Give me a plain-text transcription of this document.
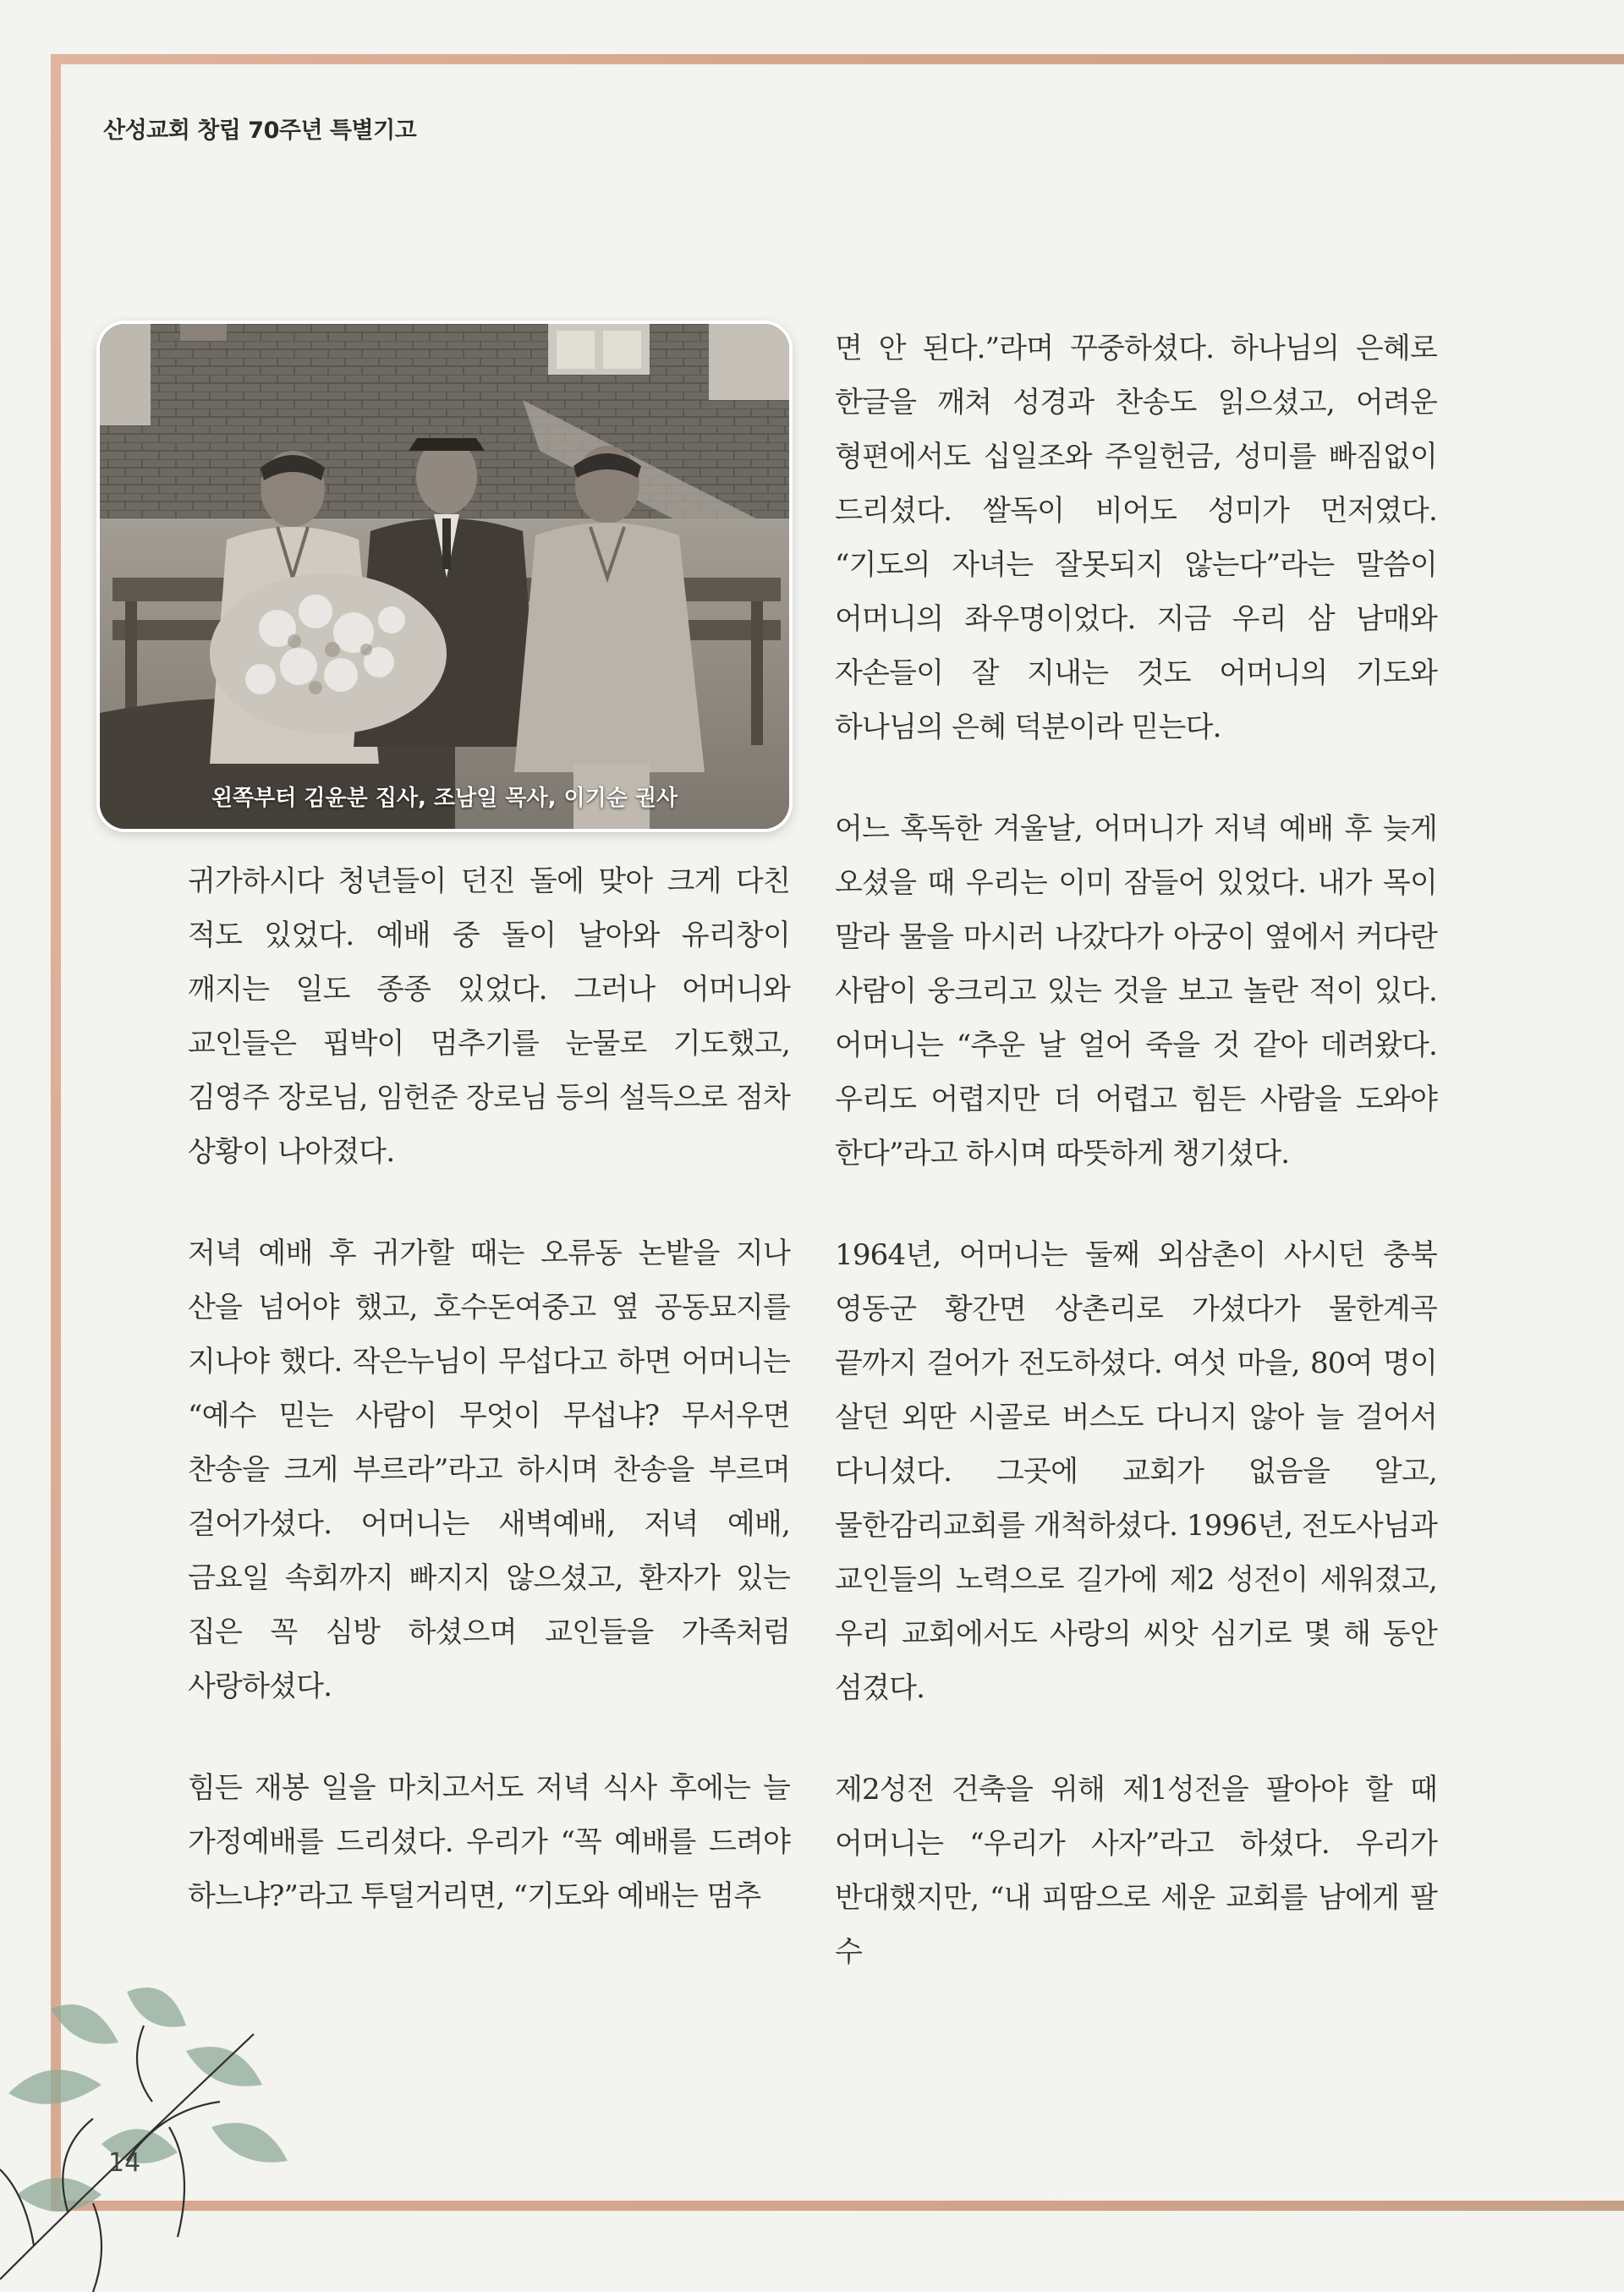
산성교회 창립 70주년 특별기고
왼쪽부터 김윤분 집사, 조남일 목사, 이기순 권사

귀가하시다 청년들이 던진 돌에 맞아 크게 다친 적도 있었다. 예배 중 돌이 날아와 유리창이 깨지는 일도 종종 있었다. 그러나 어머니와 교인들은 핍박이 멈추기를 눈물로 기도했고, 김영주 장로님, 임헌준 장로님 등의 설득으로 점차 상황이 나아졌다.

저녁 예배 후 귀가할 때는 오류동 논밭을 지나 산을 넘어야 했고, 호수돈여중고 옆 공동묘지를 지나야 했다. 작은누님이 무섭다고 하면 어머니는 “예수 믿는 사람이 무엇이 무섭냐? 무서우면 찬송을 크게 부르라”라고 하시며 찬송을 부르며 걸어가셨다. 어머니는 새벽예배, 저녁 예배, 금요일 속회까지 빠지지 않으셨고, 환자가 있는 집은 꼭 심방 하셨으며 교인들을 가족처럼 사랑하셨다.

힘든 재봉 일을 마치고서도 저녁 식사 후에는 늘 가정예배를 드리셨다. 우리가 “꼭 예배를 드려야 하느냐?”라고 투덜거리면, “기도와 예배는 멈추

면 안 된다.”라며 꾸중하셨다. 하나님의 은혜로 한글을 깨쳐 성경과 찬송도 읽으셨고, 어려운 형편에서도 십일조와 주일헌금, 성미를 빠짐없이 드리셨다. 쌀독이 비어도 성미가 먼저였다. “기도의 자녀는 잘못되지 않는다”라는 말씀이 어머니의 좌우명이었다. 지금 우리 삼 남매와 자손들이 잘 지내는 것도 어머니의 기도와 하나님의 은혜 덕분이라 믿는다.

어느 혹독한 겨울날, 어머니가 저녁 예배 후 늦게 오셨을 때 우리는 이미 잠들어 있었다. 내가 목이 말라 물을 마시러 나갔다가 아궁이 옆에서 커다란 사람이 웅크리고 있는 것을 보고 놀란 적이 있다. 어머니는 “추운 날 얼어 죽을 것 같아 데려왔다. 우리도 어렵지만 더 어렵고 힘든 사람을 도와야 한다”라고 하시며 따뜻하게 챙기셨다.

1964년, 어머니는 둘째 외삼촌이 사시던 충북 영동군 황간면 상촌리로 가셨다가 물한계곡 끝까지 걸어가 전도하셨다. 여섯 마을, 80여 명이 살던 외딴 시골로 버스도 다니지 않아 늘 걸어서 다니셨다. 그곳에 교회가 없음을 알고, 물한감리교회를 개척하셨다. 1996년, 전도사님과 교인들의 노력으로 길가에 제2 성전이 세워졌고, 우리 교회에서도 사랑의 씨앗 심기로 몇 해 동안 섬겼다.

제2성전 건축을 위해 제1성전을 팔아야 할 때 어머니는 “우리가 사자”라고 하셨다. 우리가 반대했지만, “내 피땀으로 세운 교회를 남에게 팔 수

14
